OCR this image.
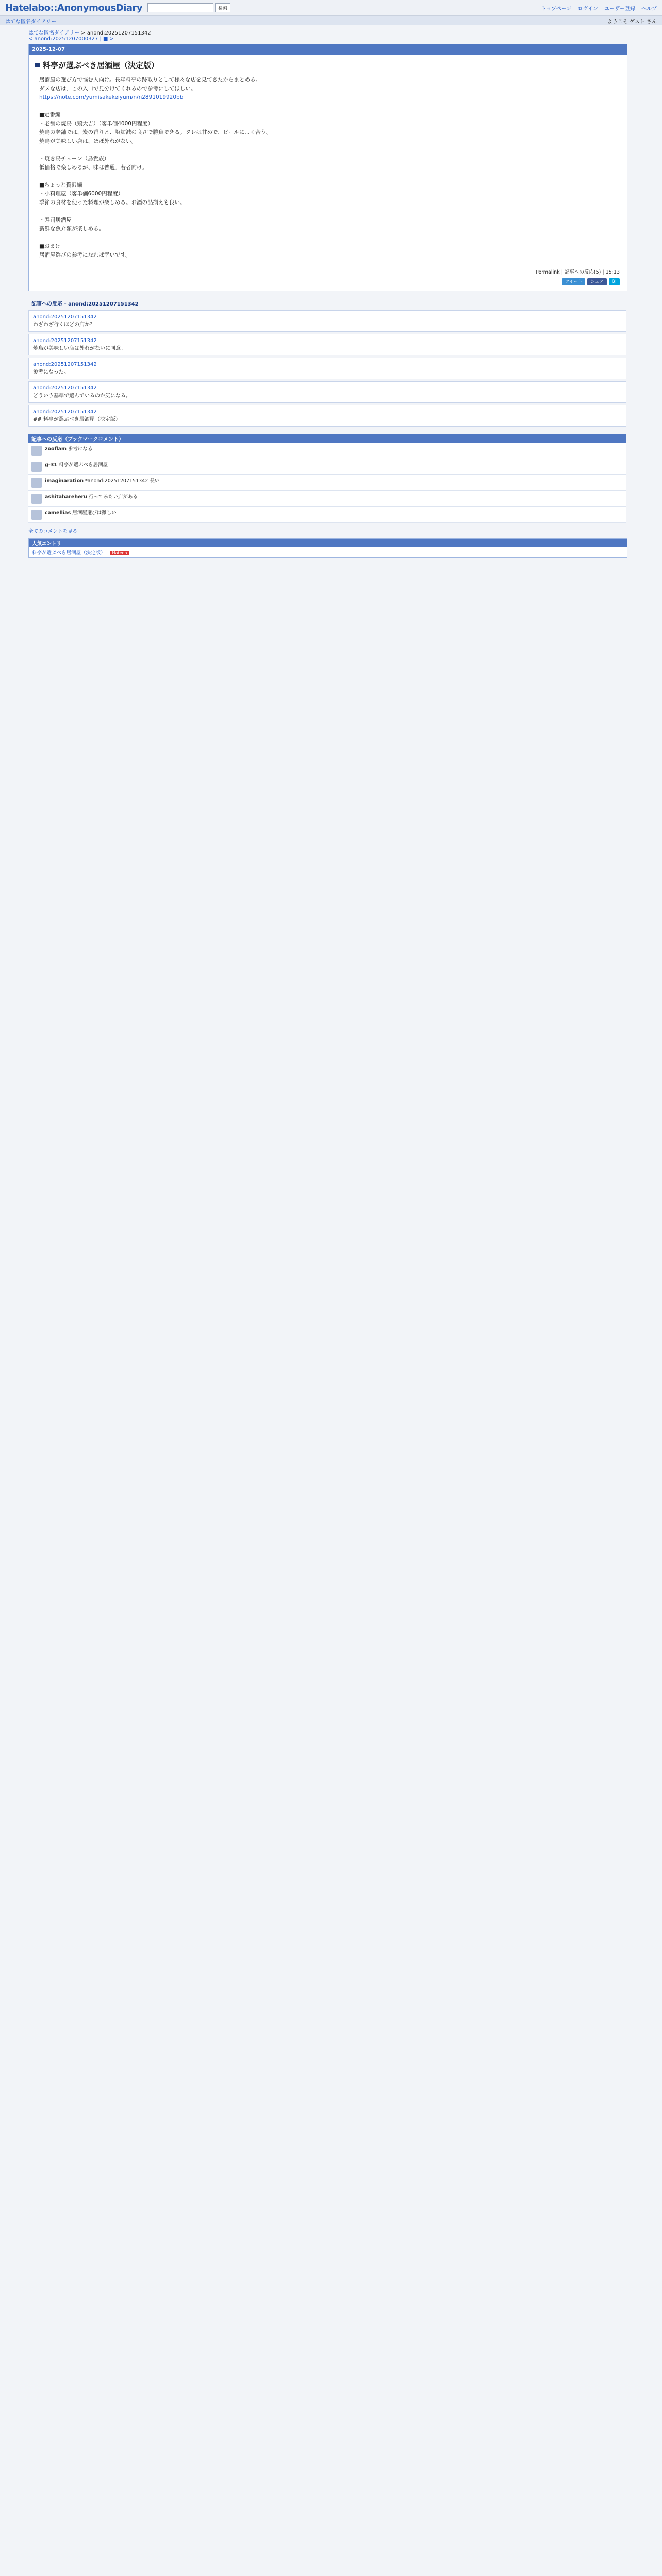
Hatelabo::AnonymousDiary	検索	トップページ ログイン ユーザー登録 ヘルプ
はてな匿名ダイアリー	ようこそ ゲスト さん
はてな匿名ダイアリー > anond:20251207151342
< anond:20251207000327 | ■ >
2025-12-07
料亭が選ぶべき居酒屋（決定版）

居酒屋の選び方で悩む人向け。長年料亭の跡取りとして様々な店を見てきたからまとめる。

ダメな店は、この入口で見分けてくれるので参考にしてほしい。

https://note.com/yumisakekeiyum/n/n2891019920bb

■定番編

・老舗の焼鳥（鶏大吉）（客単価4000円程度）

焼鳥の老舗では、炭の香りと、塩加減の良さで勝負できる。タレは甘めで、ビールによく合う。

焼鳥が美味しい店は、ほぼ外れがない。

・焼き鳥チェーン（鳥貴族）

低価格で楽しめるが、味は普通。若者向け。

■ちょっと贅沢編

・小料理屋（客単価6000円程度）

季節の食材を使った料理が楽しめる。お酒の品揃えも良い。

・寿司居酒屋

新鮮な魚介類が楽しめる。

■おまけ

居酒屋選びの参考になれば幸いです。

Permalink | 記事への反応(5) | 15:13
ツイート	シェア	B!
記事への反応 - anond:20251207151342
anond:20251207151342
わざわざ行くほどの店か？
anond:20251207151342
焼鳥が美味しい店は外れがないに同意。
anond:20251207151342
参考になった。
anond:20251207151342
どういう基準で選んでいるのか気になる。
anond:20251207151342
## 料亭が選ぶべき居酒屋（決定版）
記事への反応（ブックマークコメント）
zooflam 参考になる
g-31 料亭が選ぶべき居酒屋
imaginaration *anond:20251207151342 長い
ashitahareheru 行ってみたい店がある
camellias 居酒屋選びは難しい
全てのコメントを見る
人気エントリ
料亭が選ぶべき居酒屋（決定版） Hatena
